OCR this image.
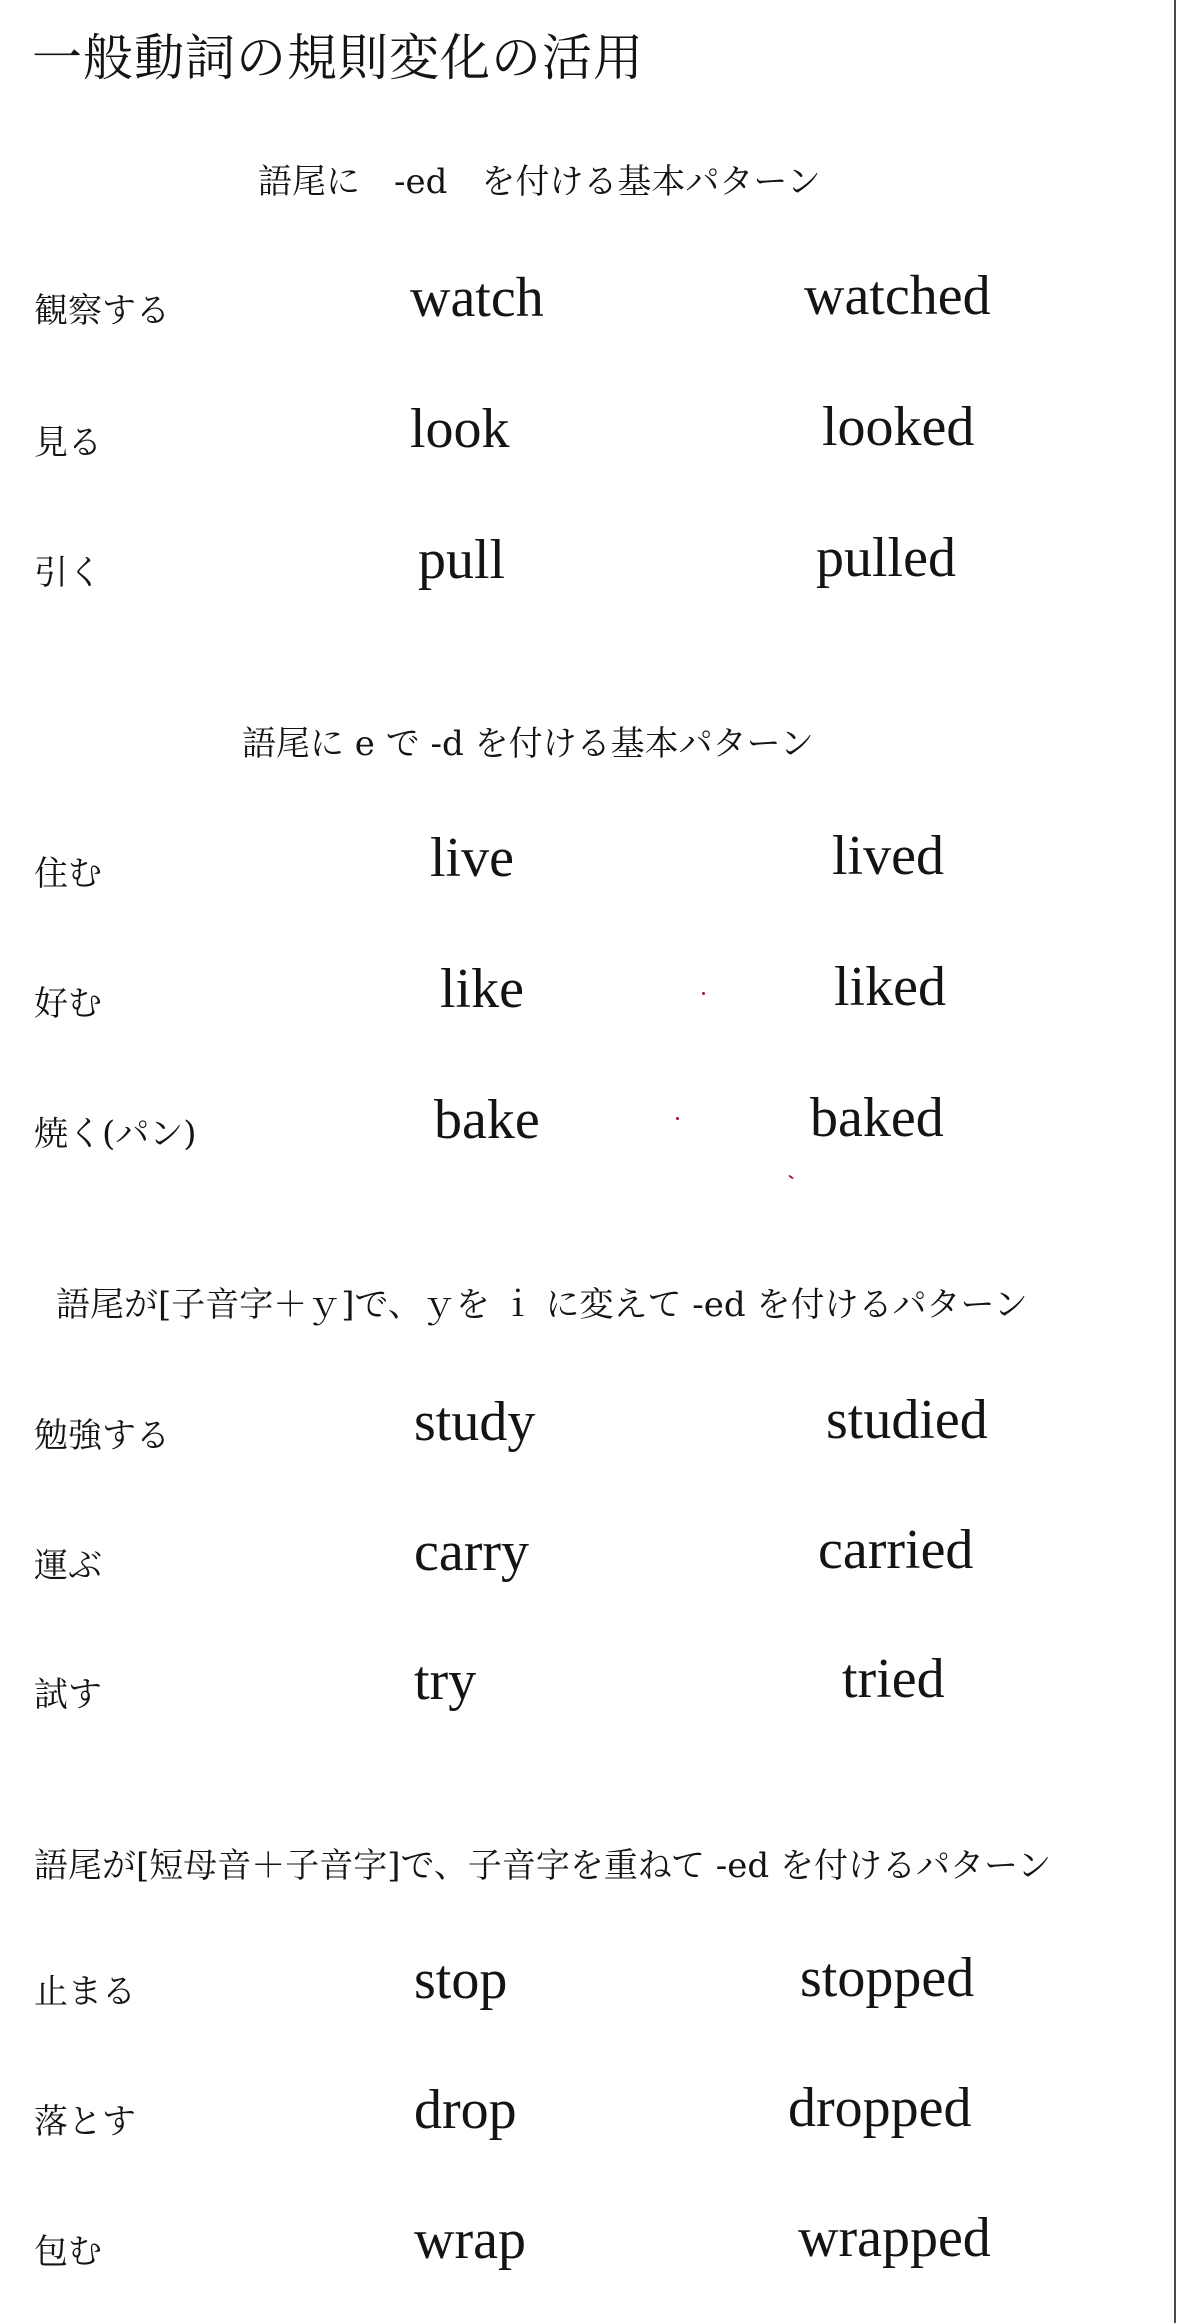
一般動詞の規則変化の活用
語尾に　-ed　を付ける基本パターン
観察する	watch	watched
見る	look	looked
引く	pull	pulled
語尾に e で -d を付ける基本パターン
住む	live	lived
好む	like	liked
焼く(パン)	bake	baked
語尾が[子音字＋ｙ]で、ｙを ｉ に変えて -ed を付けるパターン
勉強する	study	studied
運ぶ	carry	carried
試す	try	tried
語尾が[短母音＋子音字]で、子音字を重ねて -ed を付けるパターン
止まる	stop	stopped
落とす	drop	dropped
包む	wrap	wrapped
